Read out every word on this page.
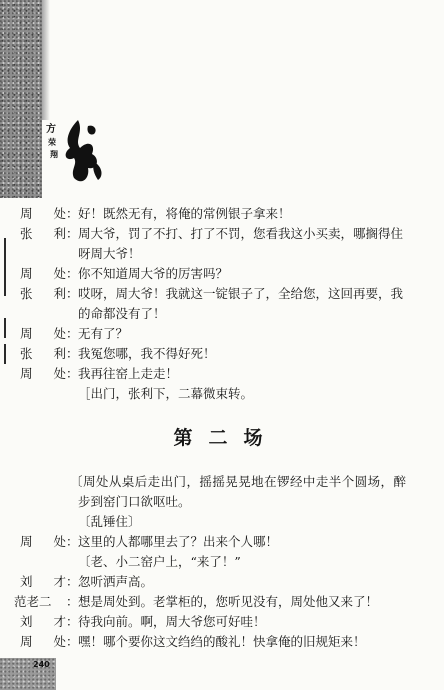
方
荣
翔
周 处 ： 好！既然无有，将俺的常例银子拿来！
张 利 ： 周大爷，罚了不打、打了不罚，您看我这小买卖，哪搁得住
呀周大爷！
周 处 ： 你不知道周大爷的厉害吗？
张 利 ： 哎呀，周大爷！我就这一锭银子了，全给您，这回再要，我
的命都没有了！
周 处 ： 无有了？
张 利 ： 我冤您哪，我不得好死！
周 处 ： 我再往窑上走走！
［出门，张利下，二幕微束转。
第二场
〔周处从桌后走出门，摇摇晃晃地在锣经中走半个圆场，醉
步到窑门口欲呕吐。
〔乱锤住〕
周 处 ： 这里的人都哪里去了？出来个人哪！
〔老、小二窑户上，“来了！”
刘 才 ： 忽听洒声高。
范老二	： 想是周处到。老掌柜的，您听见没有，周处他又来了！
刘 才 ： 待我向前。啊，周大爷您可好哇！
周 处 ： 嘿！哪个要你这文绉绉的酸礼！快拿俺的旧规矩来！
240
